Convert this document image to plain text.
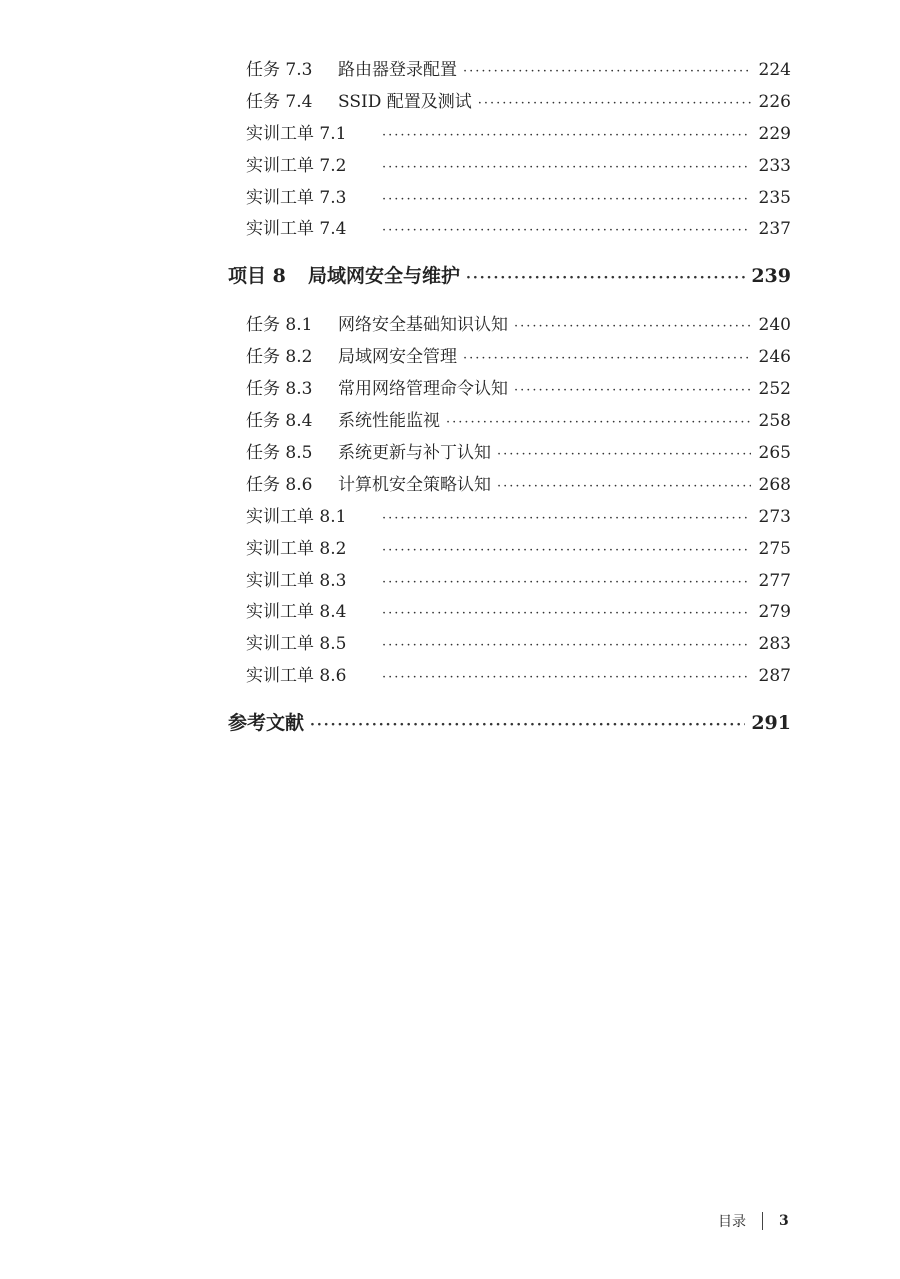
任务 7.3	路由器登录配置 ·····	224
任务 7.4	SSID 配置及测试 ·····	226
实训工单 7.1 ·····	229
实训工单 7.2 ·····	233
实训工单 7.3 ·····	235
实训工单 7.4 ·····	237
项目 8	局域网安全与维护 ·····	239
任务 8.1	网络安全基础知识认知 ·····	240
任务 8.2	局域网安全管理 ·····	246
任务 8.3	常用网络管理命令认知 ·····	252
任务 8.4	系统性能监视 ·····	258
任务 8.5	系统更新与补丁认知 ·····	265
任务 8.6	计算机安全策略认知 ·····	268
实训工单 8.1 ·····	273
实训工单 8.2 ·····	275
实训工单 8.3 ·····	277
实训工单 8.4 ·····	279
实训工单 8.5 ·····	283
实训工单 8.6 ·····	287
参考文献 ·····	291
目录 3
